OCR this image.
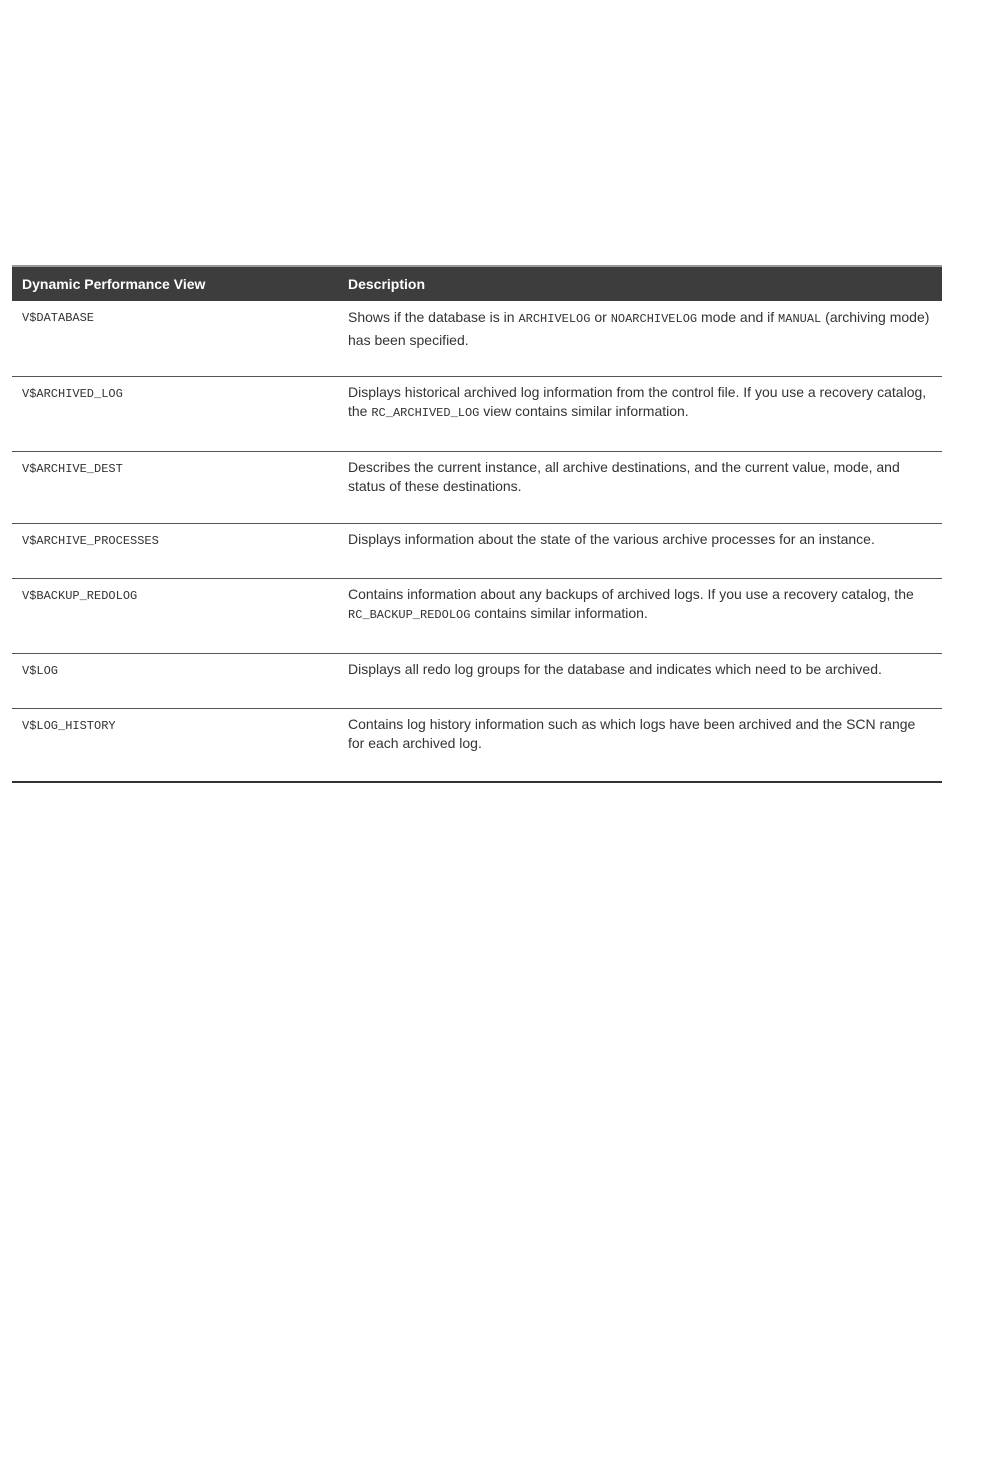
Dynamic Performance View	Description
V$DATABASE	Shows if the database is in ARCHIVELOG or NOARCHIVELOG mode and if MANUAL (archiving mode) has been specified.
V$ARCHIVED_LOG	Displays historical archived log information from the control file. If you use a recovery catalog, the RC_ARCHIVED_LOG view contains similar information.
V$ARCHIVE_DEST	Describes the current instance, all archive destinations, and the current value, mode, and status of these destinations.
V$ARCHIVE_PROCESSES	Displays information about the state of the various archive processes for an instance.
V$BACKUP_REDOLOG	Contains information about any backups of archived logs. If you use a recovery catalog, the RC_BACKUP_REDOLOG contains similar information.
V$LOG	Displays all redo log groups for the database and indicates which need to be archived.
V$LOG_HISTORY	Contains log history information such as which logs have been archived and the SCN range for each archived log.
